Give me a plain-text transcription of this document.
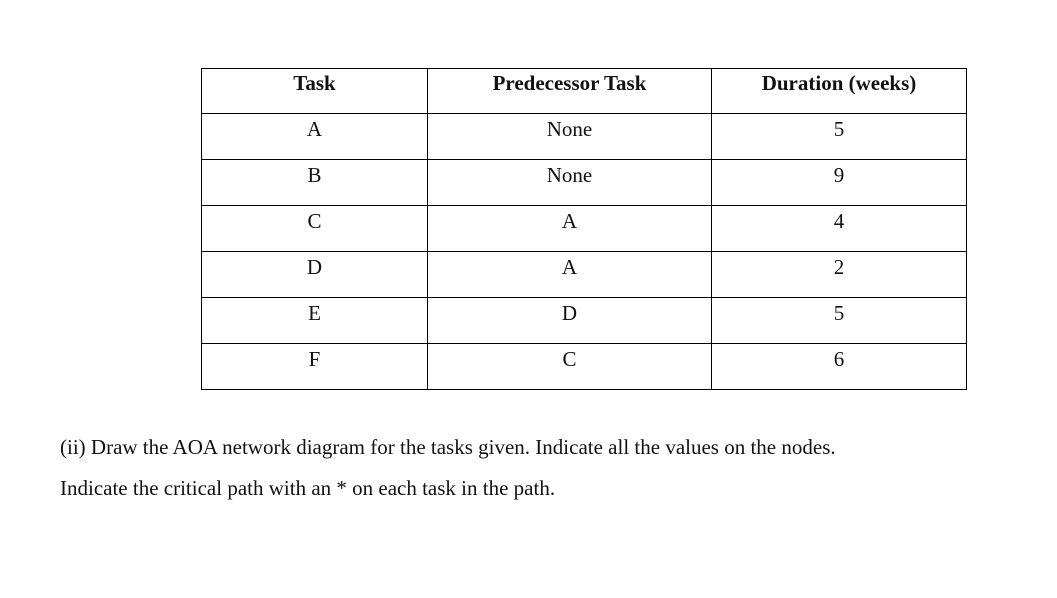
Task	Predecessor Task	Duration (weeks)
A	None	5
B	None	9
C	A	4
D	A	2
E	D	5
F	C	6

(ii) Draw the AOA network diagram for the tasks given. Indicate all the values on the nodes.

Indicate the critical path with an * on each task in the path.
